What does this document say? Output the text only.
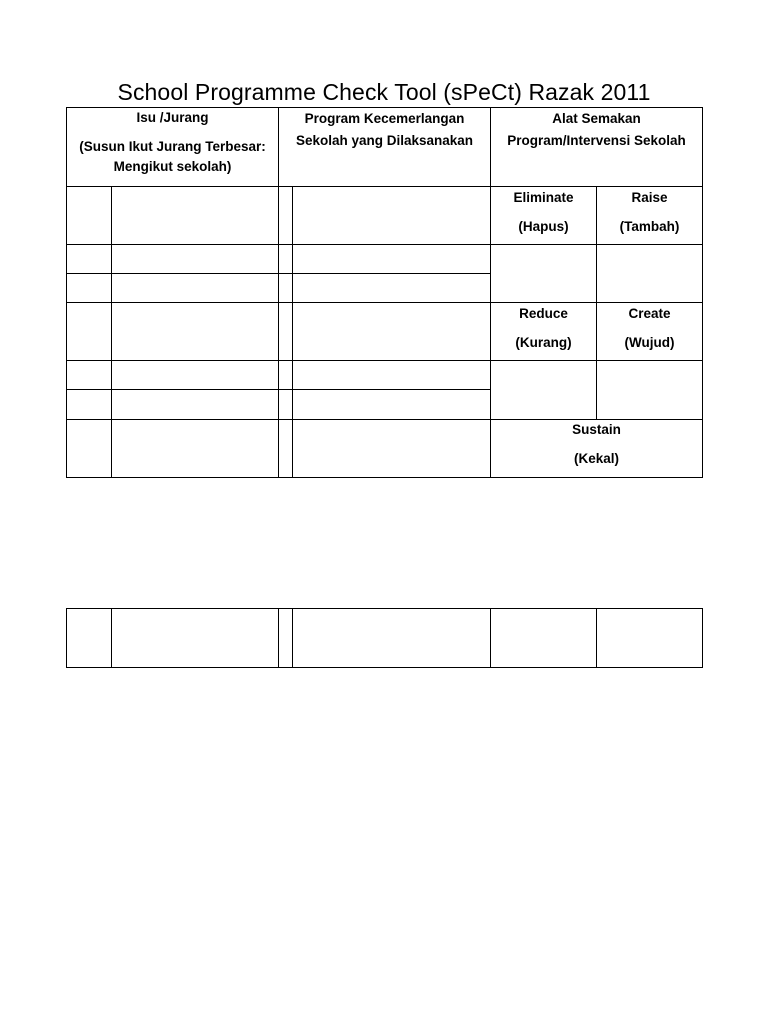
School Programme Check Tool (sPeCt) Razak 2011
Isu /Jurang
(Susun Ikut Jurang Terbesar:
Mengikut sekolah)
Program Kecemerlangan
Sekolah yang Dilaksanakan
Alat Semakan
Program/Intervensi Sekolah
Eliminate
(Hapus)
Raise
(Tambah)
Reduce
(Kurang)
Create
(Wujud)
Sustain
(Kekal)
